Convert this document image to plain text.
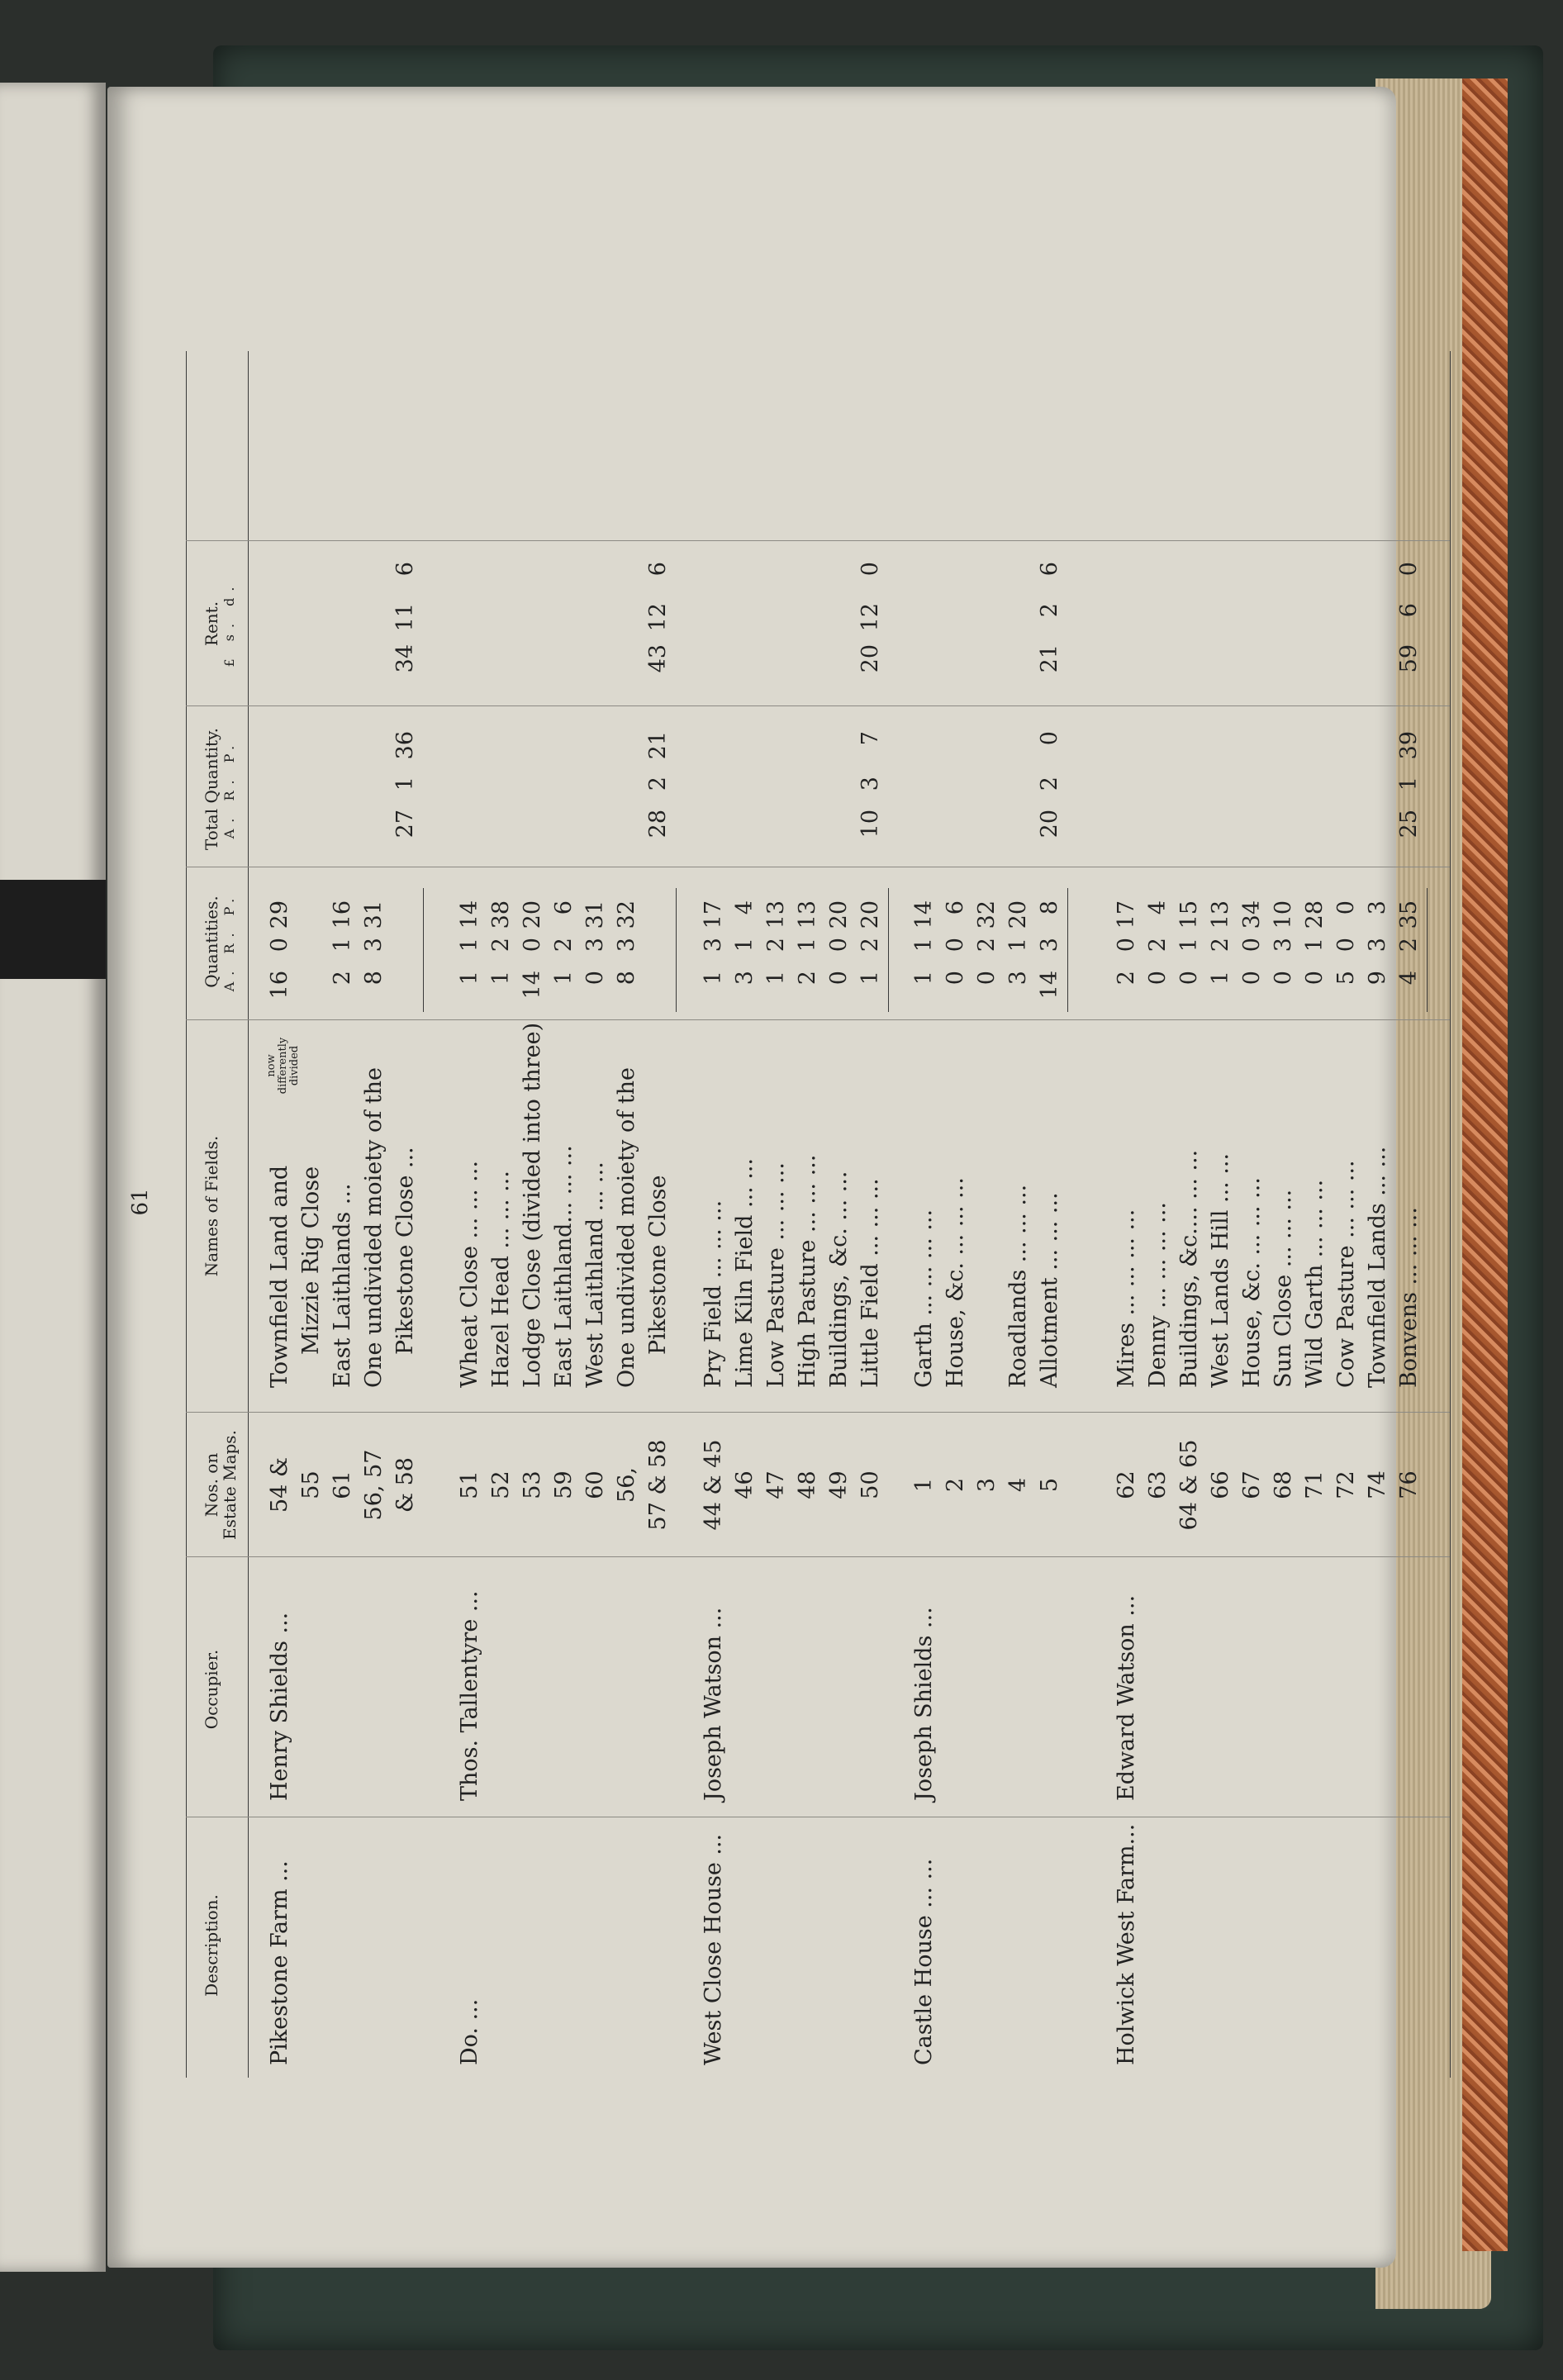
61
Description.
Occupier.
Nos. on Estate Maps.
Names of Fields.
Quantities. A. R. P.
Total Quantity. A. R. P.
Rent. £ s. d.
Pikestone Farm ...
Henry Shields ...
54 &
Townfield Land and
now differently divided
16
0
29
55
Mizzie Rig Close
61
East Laithlands ...
2
1
16
56, 57
One undivided moiety of the
8
3
31
& 58
Pikestone Close ...
27
1
36
34
11
6
Do. ...
Thos. Tallentyre ...
51
Wheat Close ... ... ...
1
1
14
52
Hazel Head ... ... ...
1
2
38
53
Lodge Close (divided into three)
14
0
20
59
East Laithland... ... ...
1
2
6
60
West Laithland ... ...
0
3
31
56,
One undivided moiety of the
8
3
32
57 & 58
Pikestone Close
28
2
21
43
12
6
West Close House ...
Joseph Watson ...
44 & 45
Pry Field ... ... ...
1
3
17
46
Lime Kiln Field ... ...
3
1
4
47
Low Pasture ... ... ...
1
2
13
48
High Pasture ... ... ...
2
1
13
49
Buildings, &c. ... ...
0
0
20
50
Little Field ... ... ...
1
2
20
10
3
7
20
12
0
Castle House ... ...
Joseph Shields ...
1
Garth ... ... ... ...
1
1
14
2
House, &c. ... ... ...
0
0
6
3
0
2
32
4
Roadlands ... ... ...
3
1
20
5
Allotment ... ... ...
14
3
8
20
2
0
21
2
6
Holwick West Farm...
Edward Watson ...
62
Mires ... ... ... ...
2
0
17
63
Denny ... ... ... ...
0
2
4
64 & 65
Buildings, &c.... ... ...
0
1
15
66
West Lands Hill ... ...
1
2
13
67
House, &c. ... ... ...
0
0
34
68
Sun Close ... ... ...
0
3
10
71
Wild Garth ... ... ...
0
1
28
72
Cow Pasture ... ... ...
5
0
0
74
Townfield Lands ... ...
9
3
3
76
Bonvens ... ... ...
4
2
35
25
1
39
59
6
0
